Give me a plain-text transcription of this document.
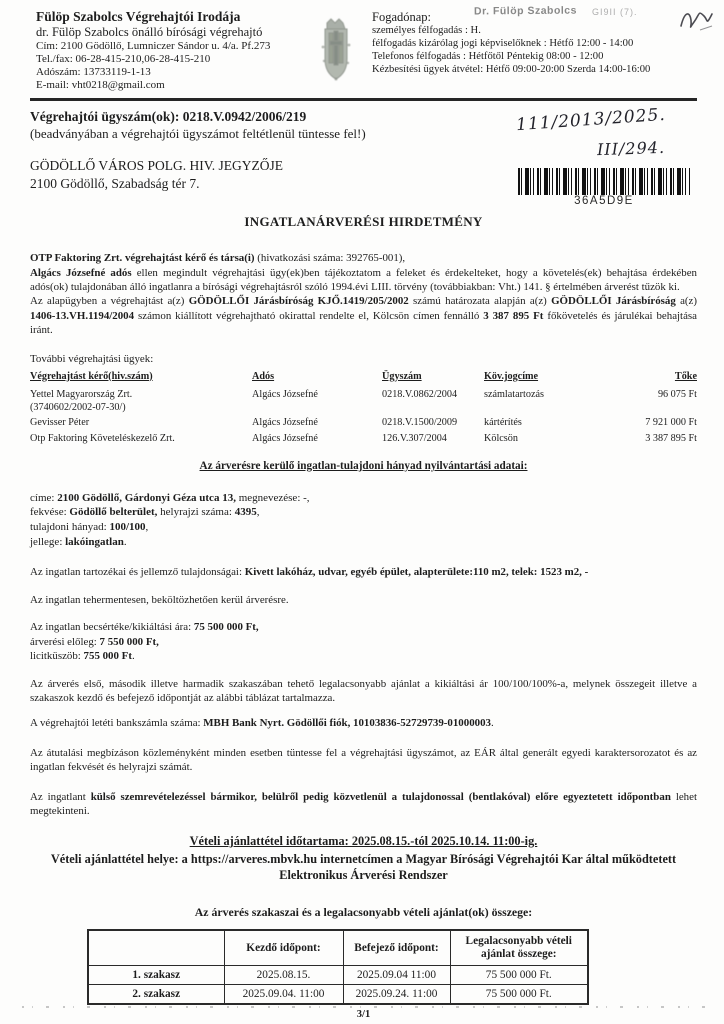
Fülöp Szabolcs Végrehajtói Irodája
dr. Fülöp Szabolcs önálló bírósági végrehajtó
Cím: 2100 Gödöllő, Lumniczer Sándor u. 4/a. Pf.273
Tel./fax: 06-28-415-210,06-28-415-210
Adószám: 13733119-1-13
E-mail: vht0218@gmail.com
Fogadónap:
személyes félfogadás : H.
félfogadás kizárólag jogi képviselőknek : Hétfő 12:00 - 14:00
Telefonos félfogadás : Hétfőtől Péntekig 08:00 - 12:00
Kézbesítési ügyek átvétel: Hétfő 09:00-20:00 Szerda 14:00-16:00
Dr. Fülöp Szabolcs GI9II (7).
111/2013/2025.
III/294.
36A5D9E
Végrehajtói ügyszám(ok): 0218.V.0942/2006/219
(beadványában a végrehajtói ügyszámot feltétlenül tüntesse fel!)
GÖDÖLLŐ VÁROS POLG. HIV. JEGYZŐJE
2100 Gödöllő, Szabadság tér 7.
INGATLANÁRVERÉSI HIRDETMÉNY

OTP Faktoring Zrt. végrehajtást kérő és társa(i) (hivatkozási száma: 392765-001),

Algács Józsefné adós ellen megindult végrehajtási ügy(ek)ben tájékoztatom a feleket és érdekelteket, hogy a követelés(ek) behajtása érdekében adós(ok) tulajdonában álló ingatlanra a bírósági végrehajtásról szóló 1994.évi LIII. törvény (továbbiakban: Vht.) 141. § értelmében árverést tűzök ki.

Az alapügyben a végrehajtást a(z) GÖDÖLLŐI Járásbíróság KJŐ.1419/205/2002 számú határozata alapján a(z) GÖDÖLLŐI Járásbíróság a(z) 1406-13.VH.1194/2004 számon kiállított végrehajtható okirattal rendelte el, Kölcsön címen fennálló 3 387 895 Ft főkövetelés és járulékai behajtása iránt.

További végrehajtási ügyek:
Végrehajtást kérő(hiv.szám)	Adós	Ügyszám	Köv.jogcíme	Tőke
Yettel Magyarország Zrt.
(3740602/2002-07-30/)
Algács Józsefné	0218.V.0862/2004	számlatartozás	96 075 Ft
Gevisser Péter	Algács Józsefné	0218.V.1500/2009	kártérítés	7 921 000 Ft
Otp Faktoring Követeléskezelő Zrt.	Algács Józsefné	126.V.307/2004	Kölcsön	3 387 895 Ft
Az árverésre kerülő ingatlan-tulajdoni hányad nyilvántartási adatai:

címe: 2100 Gödöllő, Gárdonyi Géza utca 13, megnevezése: -,

fekvése: Gödöllő belterület, helyrajzi száma: 4395,

tulajdoni hányad: 100/100,

jellege: lakóingatlan.

Az ingatlan tartozékai és jellemző tulajdonságai: Kivett lakóház, udvar, egyéb épület, alapterülete:110 m2, telek: 1523 m2, -

Az ingatlan tehermentesen, beköltözhetően kerül árverésre.

Az ingatlan becsértéke/kikiáltási ára: 75 500 000 Ft,

árverési előleg: 7 550 000 Ft,

licitküszöb: 755 000 Ft.

Az árverés első, második illetve harmadik szakaszában tehető legalacsonyabb ajánlat a kikiáltási ár 100/100/100%-a, melynek összegeit illetve a szakaszok kezdő és befejező időpontját az alábbi táblázat tartalmazza.

A végrehajtói letéti bankszámla száma: MBH Bank Nyrt. Gödöllői fiók, 10103836-52729739-01000003.

Az átutalási megbízáson közleményként minden esetben tüntesse fel a végrehajtási ügyszámot, az EÁR által generált egyedi karaktersorozatot és az ingatlan fekvését és helyrajzi számát.

Az ingatlant külső szemrevételezéssel bármikor, belülről pedig közvetlenül a tulajdonossal (bentlakóval) előre egyeztetett időpontban lehet megtekinteni.

Vételi ajánlattétel időtartama: 2025.08.15.-tól 2025.10.14. 11:00-ig.
Vételi ajánlattétel helye: a https://arveres.mbvk.hu internetcímen a Magyar Bírósági Végrehajtói Kar által működtetett Elektronikus Árverési Rendszer
Az árverés szakaszai és a legalacsonyabb vételi ajánlat(ok) összege:
	Kezdő időpont:	Befejező időpont:	Legalacsonyabb vételi ajánlat összege:
1. szakasz	2025.08.15.	2025.09.04 11:00	75 500 000 Ft.
2. szakasz	2025.09.04. 11:00	2025.09.24. 11:00	75 500 000 Ft.
3/1
